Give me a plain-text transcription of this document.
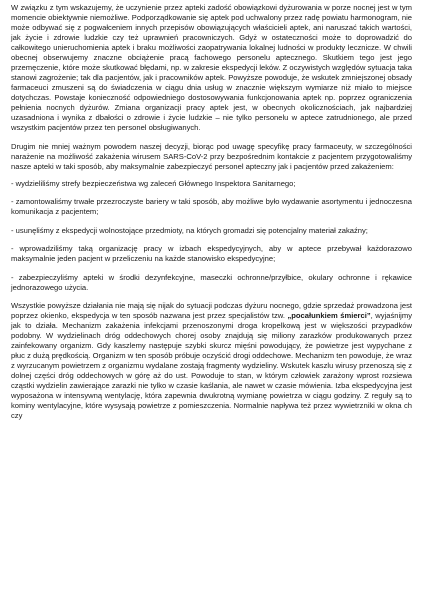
W związku z tym wskazujemy, że uczynienie przez apteki zadość obowiązkowi dyżurowania w porze nocnej jest w tym momencie obiektywnie niemożliwe. Podporządkowanie się aptek pod uchwalony przez radę powiatu harmonogram, nie może odbywać się z pogwałceniem innych przepisów obowiązujących właścicieli aptek, ani naruszać takich wartości, jak życie i zdrowie ludzkie czy też uprawnień pracowniczych. Gdyż w ostateczności może to doprowadzić do całkowitego unieruchomienia aptek i braku możliwości zaopatrywania lokalnej ludności w produkty lecznicze. W chwili obecnej obserwujemy znaczne obciążenie pracą fachowego personelu aptecznego. Skutkiem tego jest jego przemęczenie, które może skutkować błędami, np. w zakresie ekspedycji leków. Z oczywistych względów sytuacja taka stanowi zagrożenie; tak dla pacjentów, jak i pracowników aptek. Powyższe powoduje, że wskutek zmniejszonej obsady farmaceuci zmuszeni są do świadczenia w ciągu dnia usług w znacznie większym wymiarze niż miało to miejsce dotychczas. Powstaje konieczność odpowiedniego dostosowywania funkcjonowania aptek np. poprzez ograniczenia pełnienia nocnych dyżurów. Zmiana organizacji pracy aptek jest, w obecnych okolicznościach, jak najbardziej uzasadniona i wynika z dbałości o zdrowie i życie ludzkie – nie tylko personelu w aptece zatrudnionego, ale przed wszystkim pacjentów przez ten personel obsługiwanych.

Drugim nie mniej ważnym powodem naszej decyzji, biorąc pod uwagę specyfikę pracy farmaceuty, w szczególności narażenie na możliwość zakażenia wirusem SARS-CoV-2 przy bezpośrednim kontakcie z pacjentem przygotowaliśmy nasze apteki w taki sposób, aby maksymalnie zabezpieczyć personel apteczny jak i pacjentów przed zakażeniem:

- wydzieliliśmy strefy bezpieczeństwa wg zaleceń Głównego Inspektora Sanitarnego;

- zamontowaliśmy trwałe przezroczyste bariery w taki sposób, aby możliwe było wydawanie asortymentu i jednoczesna komunikacja z pacjentem;

- usunęliśmy z ekspedycji wolnostojące przedmioty, na których gromadzi się potencjalny materiał zakaźny;

- wprowadziliśmy taką organizację pracy w izbach ekspedycyjnych, aby w aptece przebywał każdorazowo maksymalnie jeden pacjent w przeliczeniu na każde stanowisko ekspedycyjne;

- zabezpieczyliśmy apteki w środki dezynfekcyjne, maseczki ochronne/przyłbice, okulary ochronne i rękawice jednorazowego użycia.

Wszystkie powyższe działania nie mają się nijak do sytuacji podczas dyżuru nocnego, gdzie sprzedaż prowadzona jest poprzez okienko, ekspedycja w ten sposób nazwana jest przez specjalistów tzw. „pocałunkiem śmierci”, wyjaśnijmy jak to działa. Mechanizm zakażenia infekcjami przenoszonymi droga kropelkową jest w większości przypadków podobny. W wydzielinach dróg oddechowych chorej osoby znajdują się miliony zarazków produkowanych przez zainfekowany organizm. Gdy kaszlemy następuje szybki skurcz mięśni powodujący, że powietrze jest wypychane z płuc z dużą prędkością. Organizm w ten sposób próbuje oczyścić drogi oddechowe. Mechanizm ten powoduje, że wraz z wyrzucanym powietrzem z organizmu wydalane zostają fragmenty wydzieliny. Wskutek kaszlu wirusy przenoszą się z dolnej części dróg oddechowych w górę aż do ust. Powoduje to stan, w którym człowiek zarażony wprost rozsiewa cząstki wydzielin zawierające zarazki nie tylko w czasie kaślania, ale nawet w czasie mówienia. Izba ekspedycyjna jest wyposażona w intensywną wentylację, która zapewnia dwukrotną wymianę powietrza w ciągu godziny. Z reguły są to kominy wentylacyjne, które wysysają powietrze z pomieszczenia. Normalnie napływa też przez wywietrzniki w okna ch czy
